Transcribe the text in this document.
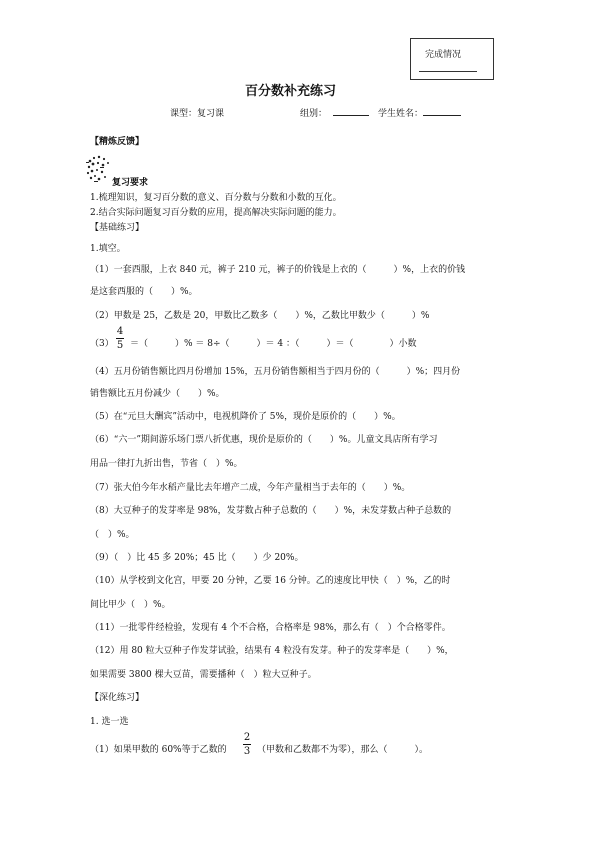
完成情况
百分数补充练习
课型：复习课	组别：	学生姓名：
【精炼反馈】
复习要求
1.梳理知识，复习百分数的意义、百分数与分数和小数的互化。
2.结合实际问题复习百分数的应用，提高解决实际问题的能力。
【基础练习】
1.填空。
（1）一套西服，上衣 840 元，裤子 210 元，裤子的价钱是上衣的（　　　）%，上衣的价钱
是这套西服的（　　）%。
（2）甲数是 25，乙数是 20，甲数比乙数多（　　）%，乙数比甲数少（　　　）%
（3）
4
5 ＝（　　　）% ＝ 8÷（　　　）＝ 4 ：（　　　）＝（　　　　）小数
（4）五月份销售额比四月份增加 15%，五月份销售额相当于四月份的（　　　）%；四月份
销售额比五月份减少（　　）%。
（5）在“元旦大酬宾”活动中，电视机降价了 5%，现价是原价的（　　）%。
（6）“六一”期间游乐场门票八折优惠，现价是原价的（　　）%。儿童文具店所有学习
用品一律打九折出售，节省（　）%。
（7）张大伯今年水稻产量比去年增产二成，今年产量相当于去年的（　　）%。
（8）大豆种子的发芽率是 98%，发芽数占种子总数的（　　）%，未发芽数占种子总数的
（　）%。
（9）（　）比 45 多 20%；45 比（　　）少 20%。
（10）从学校到文化宫，甲要 20 分钟，乙要 16 分钟。乙的速度比甲快（　）%，乙的时
间比甲少（　）%。
（11）一批零件经检验，发现有 4 个不合格，合格率是 98%，那么有（　）个合格零件。
（12）用 80 粒大豆种子作发芽试验，结果有 4 粒没有发芽。种子的发芽率是（　　）%，
如果需要 3800 棵大豆苗，需要播种（　）粒大豆种子。
【深化练习】
1. 选一选
（1）如果甲数的 60%等于乙数的
2
3 （甲数和乙数都不为零），那么（　　　）。
